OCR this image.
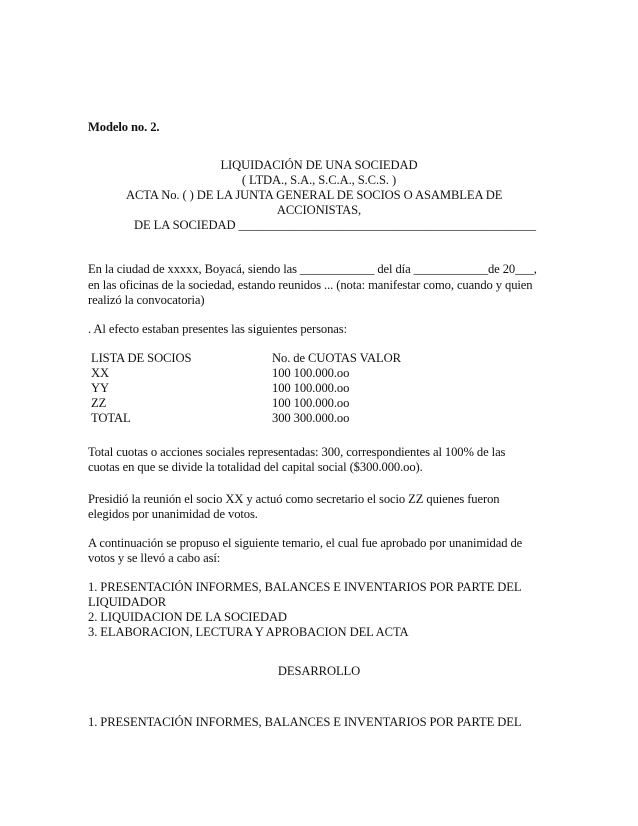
Modelo no. 2.
LIQUIDACIÓN DE UNA SOCIEDAD
( LTDA., S.A., S.C.A., S.C.S. )
ACTA No. ( ) DE LA JUNTA GENERAL DE SOCIOS O ASAMBLEA DE
ACCIONISTAS,
DE LA SOCIEDAD ________________________________________________
En la ciudad de xxxxx, Boyacá, siendo las ____________ del día ____________de 20___,
en las oficinas de la sociedad, estando reunidos ... (nota: manifestar como, cuando y quien
realizó la convocatoria)
. Al efecto estaban presentes las siguientes personas:
LISTA DE SOCIOS	No. de CUOTAS VALOR
XX	100 100.000.oo
YY	100 100.000.oo
ZZ	100 100.000.oo
TOTAL	300 300.000.oo
Total cuotas o acciones sociales representadas: 300, correspondientes al 100% de las
cuotas en que se divide la totalidad del capital social ($300.000.oo).
Presidió la reunión el socio XX y actuó como secretario el socio ZZ quienes fueron
elegidos por unanimidad de votos.
A continuación se propuso el siguiente temario, el cual fue aprobado por unanimidad de
votos y se llevó a cabo así:
1. PRESENTACIÓN INFORMES, BALANCES E INVENTARIOS POR PARTE DEL
LIQUIDADOR
2. LIQUIDACION DE LA SOCIEDAD
3. ELABORACION, LECTURA Y APROBACION DEL ACTA
DESARROLLO
1. PRESENTACIÓN INFORMES, BALANCES E INVENTARIOS POR PARTE DEL
